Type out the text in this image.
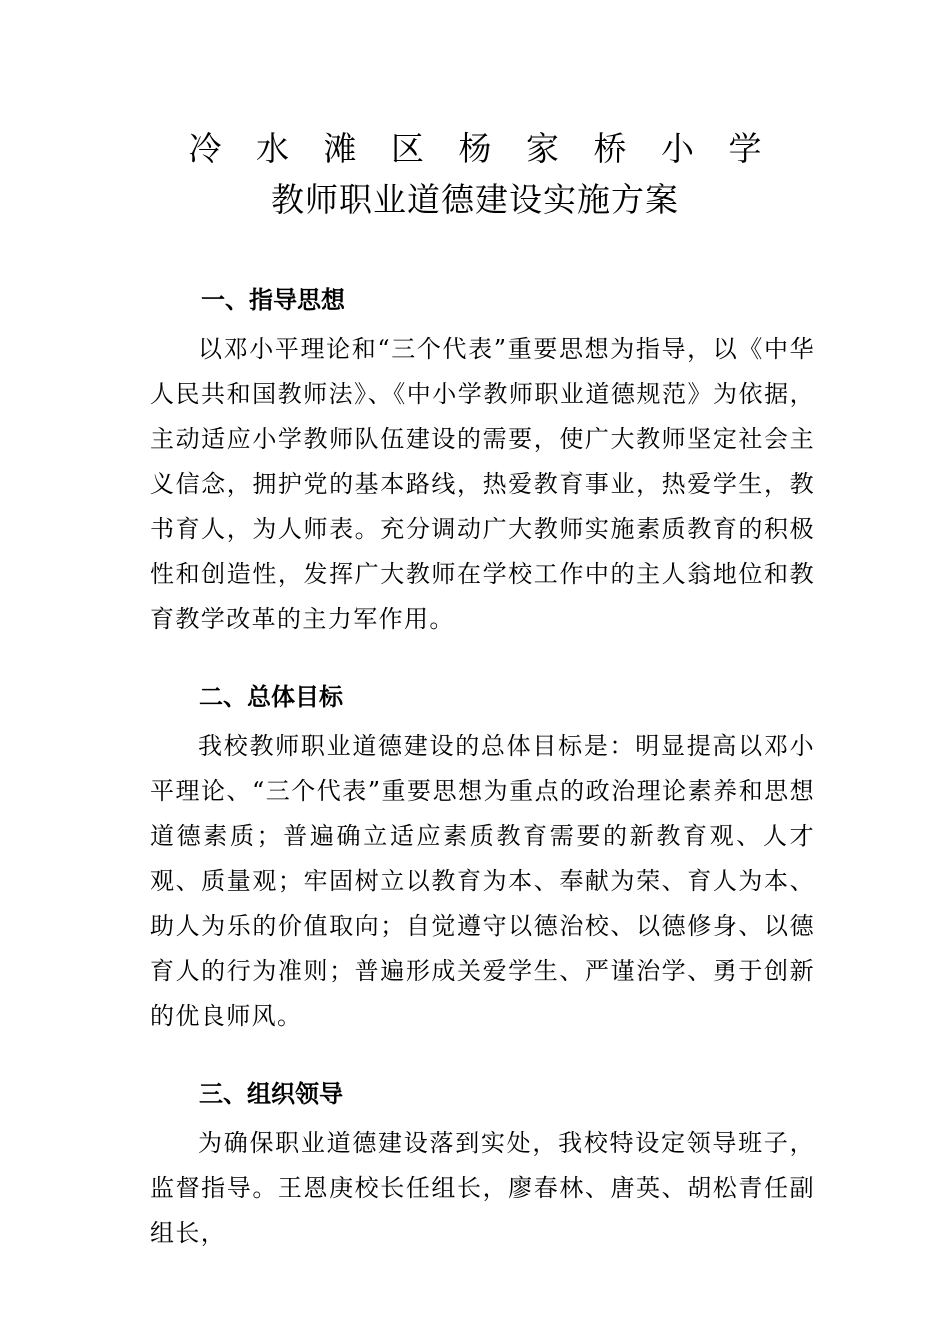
冷 水 滩 区 杨 家 桥 小 学
教师职业道德建设实施方案
一、指导思想

以邓小平理论和“三个代表”重要思想为指导，以《中华人民共和国教师法》、《中小学教师职业道德规范》为依据，主动适应小学教师队伍建设的需要，使广大教师坚定社会主义信念，拥护党的基本路线，热爱教育事业，热爱学生，教书育人，为人师表。充分调动广大教师实施素质教育的积极性和创造性，发挥广大教师在学校工作中的主人翁地位和教育教学改革的主力军作用。

二、总体目标

我校教师职业道德建设的总体目标是：明显提高以邓小平理论、“三个代表”重要思想为重点的政治理论素养和思想道德素质；普遍确立适应素质教育需要的新教育观、人才观、质量观；牢固树立以教育为本、奉献为荣、育人为本、助人为乐的价值取向；自觉遵守以德治校、以德修身、以德育人的行为准则；普遍形成关爱学生、严谨治学、勇于创新的优良师风。

三、组织领导

为确保职业道德建设落到实处，我校特设定领导班子，监督指导。王恩庚校长任组长，廖春林、唐英、胡松青任副组长，
